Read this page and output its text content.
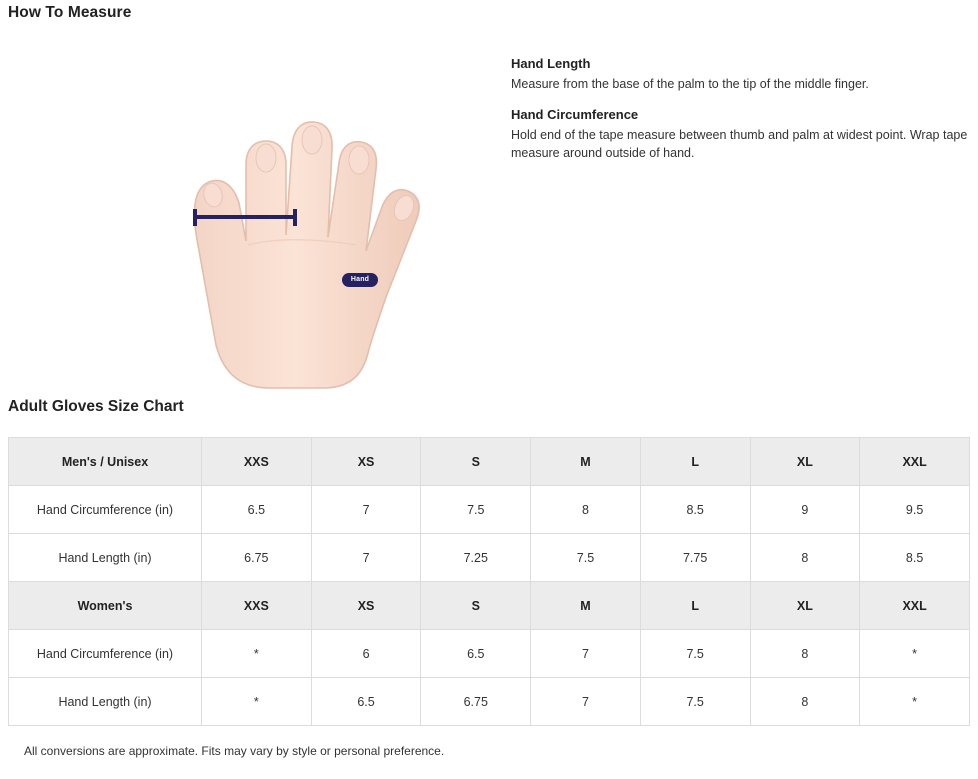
How To Measure
Hand
Hand Length

Measure from the base of the palm to the tip of the middle finger.

Hand Circumference

Hold end of the tape measure between thumb and palm at widest point. Wrap tape measure around outside of hand.

Adult Gloves Size Chart
Men's / Unisex	XXS	XS	S	M	L	XL	XXL
Hand Circumference (in)	6.5	7	7.5	8	8.5	9	9.5
Hand Length (in)	6.75	7	7.25	7.5	7.75	8	8.5
Women's	XXS	XS	S	M	L	XL	XXL
Hand Circumference (in)	*	6	6.5	7	7.5	8	*
Hand Length (in)	*	6.5	6.75	7	7.5	8	*
All conversions are approximate. Fits may vary by style or personal preference.
